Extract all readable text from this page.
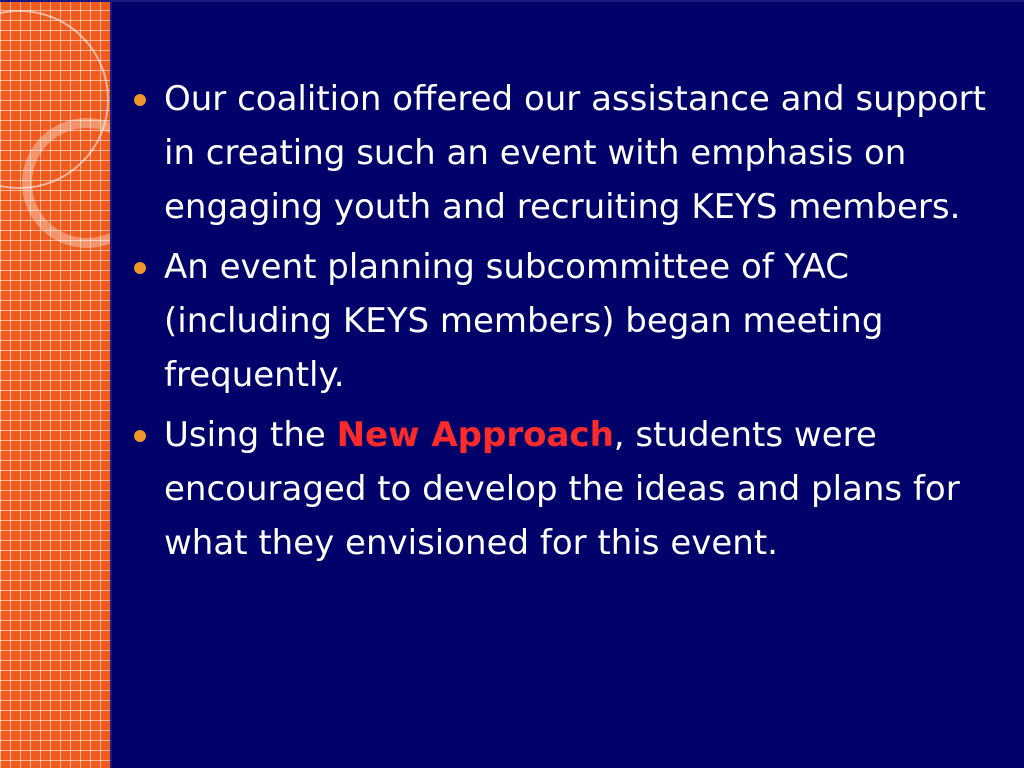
Our coalition offered our assistance and support in creating such an event with emphasis on engaging youth and recruiting KEYS members.
An event planning subcommittee of YAC (including KEYS members) began meeting frequently.
Using the New Approach, students were encouraged to develop the ideas and plans for what they envisioned for this event.
